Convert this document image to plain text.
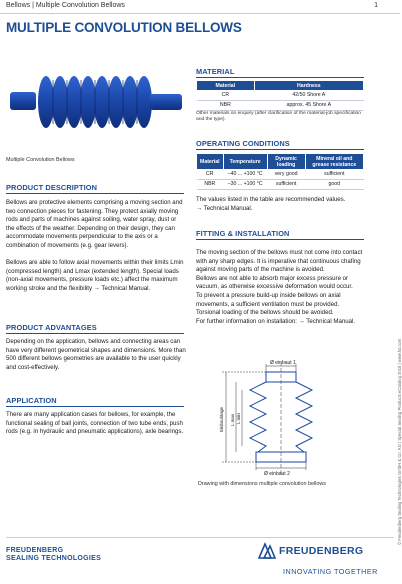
Bellows | Multiple Convolution Bellows	1
MULTIPLE CONVOLUTION BELLOWS
Multiple Convolution Bellows
PRODUCT DESCRIPTION

Bellows are protective elements comprising a moving section and two connection pieces for fastening. They protect axially moving rods and parts of machines against soiling, water spray, dust or the effects of the weather. Depending on their design, they can accommodate movements perpendicular to the axis or a combination of movements (e.g. gear levers).

Bellows are able to follow axial movements within their limits Lmin (compressed length) and Lmax (extended length). Special loads (non-axial movements, pressure loads etc.) affect the maximum working stroke and the flexibility → Technical Manual.

PRODUCT ADVANTAGES
Depending on the application, bellows and connecting areas can have very different geometrical shapes and dimensions. More than 500 different bellows geometries are available to the user quickly and cost-effectively.
APPLICATION
There are many application cases for bellows, for example, the functional sealing of ball joints, connection of two tube ends, push rods (e.g. in hydraulic and pneumatic applications), axle bearings.
MATERIAL
Material	Hardness
CR	42/50 Shore A
NBR	approx. 45 Shore A
Other materials on enquiry (after clarification of the material-job specification and the type).
OPERATING CONDITIONS
Material	Temperature	Dynamic loading	Mineral oil and grease resistance
CR	–40 ... +100 °C	very good	sufficient
NBR	–30 ... +100 °C	sufficient	good
The values listed in the table are recommended values.
→ Technical Manual.
FITTING & INSTALLATION
The moving section of the bellows must not come into contact with any sharp edges. It is imperative that continuous chafing against moving parts of the machine is avoided.
Bellows are not able to absorb major excess pressure or vacuum, as otherwise excessive deformation would occur.
To prevent a pressure build-up inside bellows on axial movements, a sufficient ventilation must be provided.
Torsional loading of the bellows should be avoided.
For further information on installation: → Technical Manual.
Ø einbaut 1
Ø einbaut 2
Einbaulänge L max L min
Drawing with dimensions multiple convolution bellows	© Freudenberg Sealing Technologies GmbH & Co. KG | Special Sealing Products eCatalog 2015 | www.fst.com
FREUDENBERG
SEALING TECHNOLOGIES
FREUDENBERG
INNOVATING TOGETHER
